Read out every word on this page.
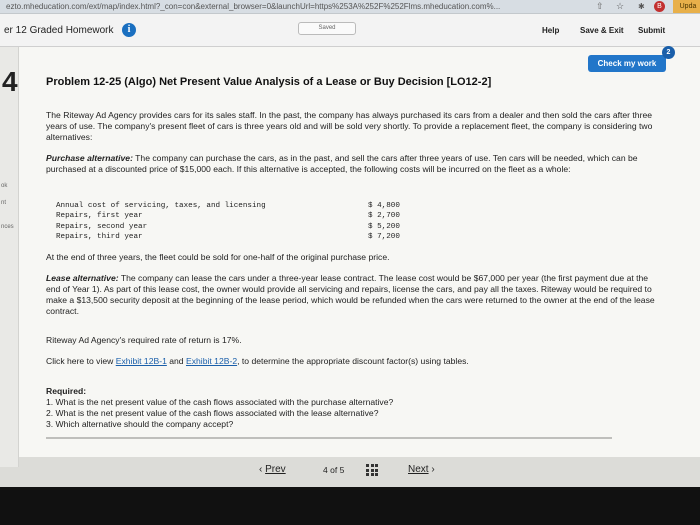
ezto.mheducation.com/ext/map/index.html?_con=con&external_browser=0&launchUrl=https%253A%252F%252Flms.mheducation.com%...	⇧ ☆ ✱	B	Upda
er 12 Graded Homework	i	Saved	Help	Save & Exit Submit
ok
nt
nces
Check my work
2
4	Problem 12-25 (Algo) Net Present Value Analysis of a Lease or Buy Decision [LO12-2]

The Riteway Ad Agency provides cars for its sales staff. In the past, the company has always purchased its cars from a dealer and then sold the cars after three years of use. The company's present fleet of cars is three years old and will be sold very shortly. To provide a replacement fleet, the company is considering two alternatives:

Purchase alternative: The company can purchase the cars, as in the past, and sell the cars after three years of use. Ten cars will be needed, which can be purchased at a discounted price of $15,000 each. If this alternative is accepted, the following costs will be incurred on the fleet as a whole:

Annual cost of servicing, taxes, and licensing	$ 4,800
Repairs, first year	$ 2,700
Repairs, second year	$ 5,200
Repairs, third year	$ 7,200

At the end of three years, the fleet could be sold for one-half of the original purchase price.

Lease alternative: The company can lease the cars under a three-year lease contract. The lease cost would be $67,000 per year (the first payment due at the end of Year 1). As part of this lease cost, the owner would provide all servicing and repairs, license the cars, and pay all the taxes. Riteway would be required to make a $13,500 security deposit at the beginning of the lease period, which would be refunded when the cars were returned to the owner at the end of the lease contract.

Riteway Ad Agency's required rate of return is 17%.

Click here to view Exhibit 12B-1 and Exhibit 12B-2, to determine the appropriate discount factor(s) using tables.

Required:
1. What is the net present value of the cash flows associated with the purchase alternative?
2. What is the net present value of the cash flows associated with the lease alternative?
3. Which alternative should the company accept?

‹ Prev	4 of 5	Next ›
